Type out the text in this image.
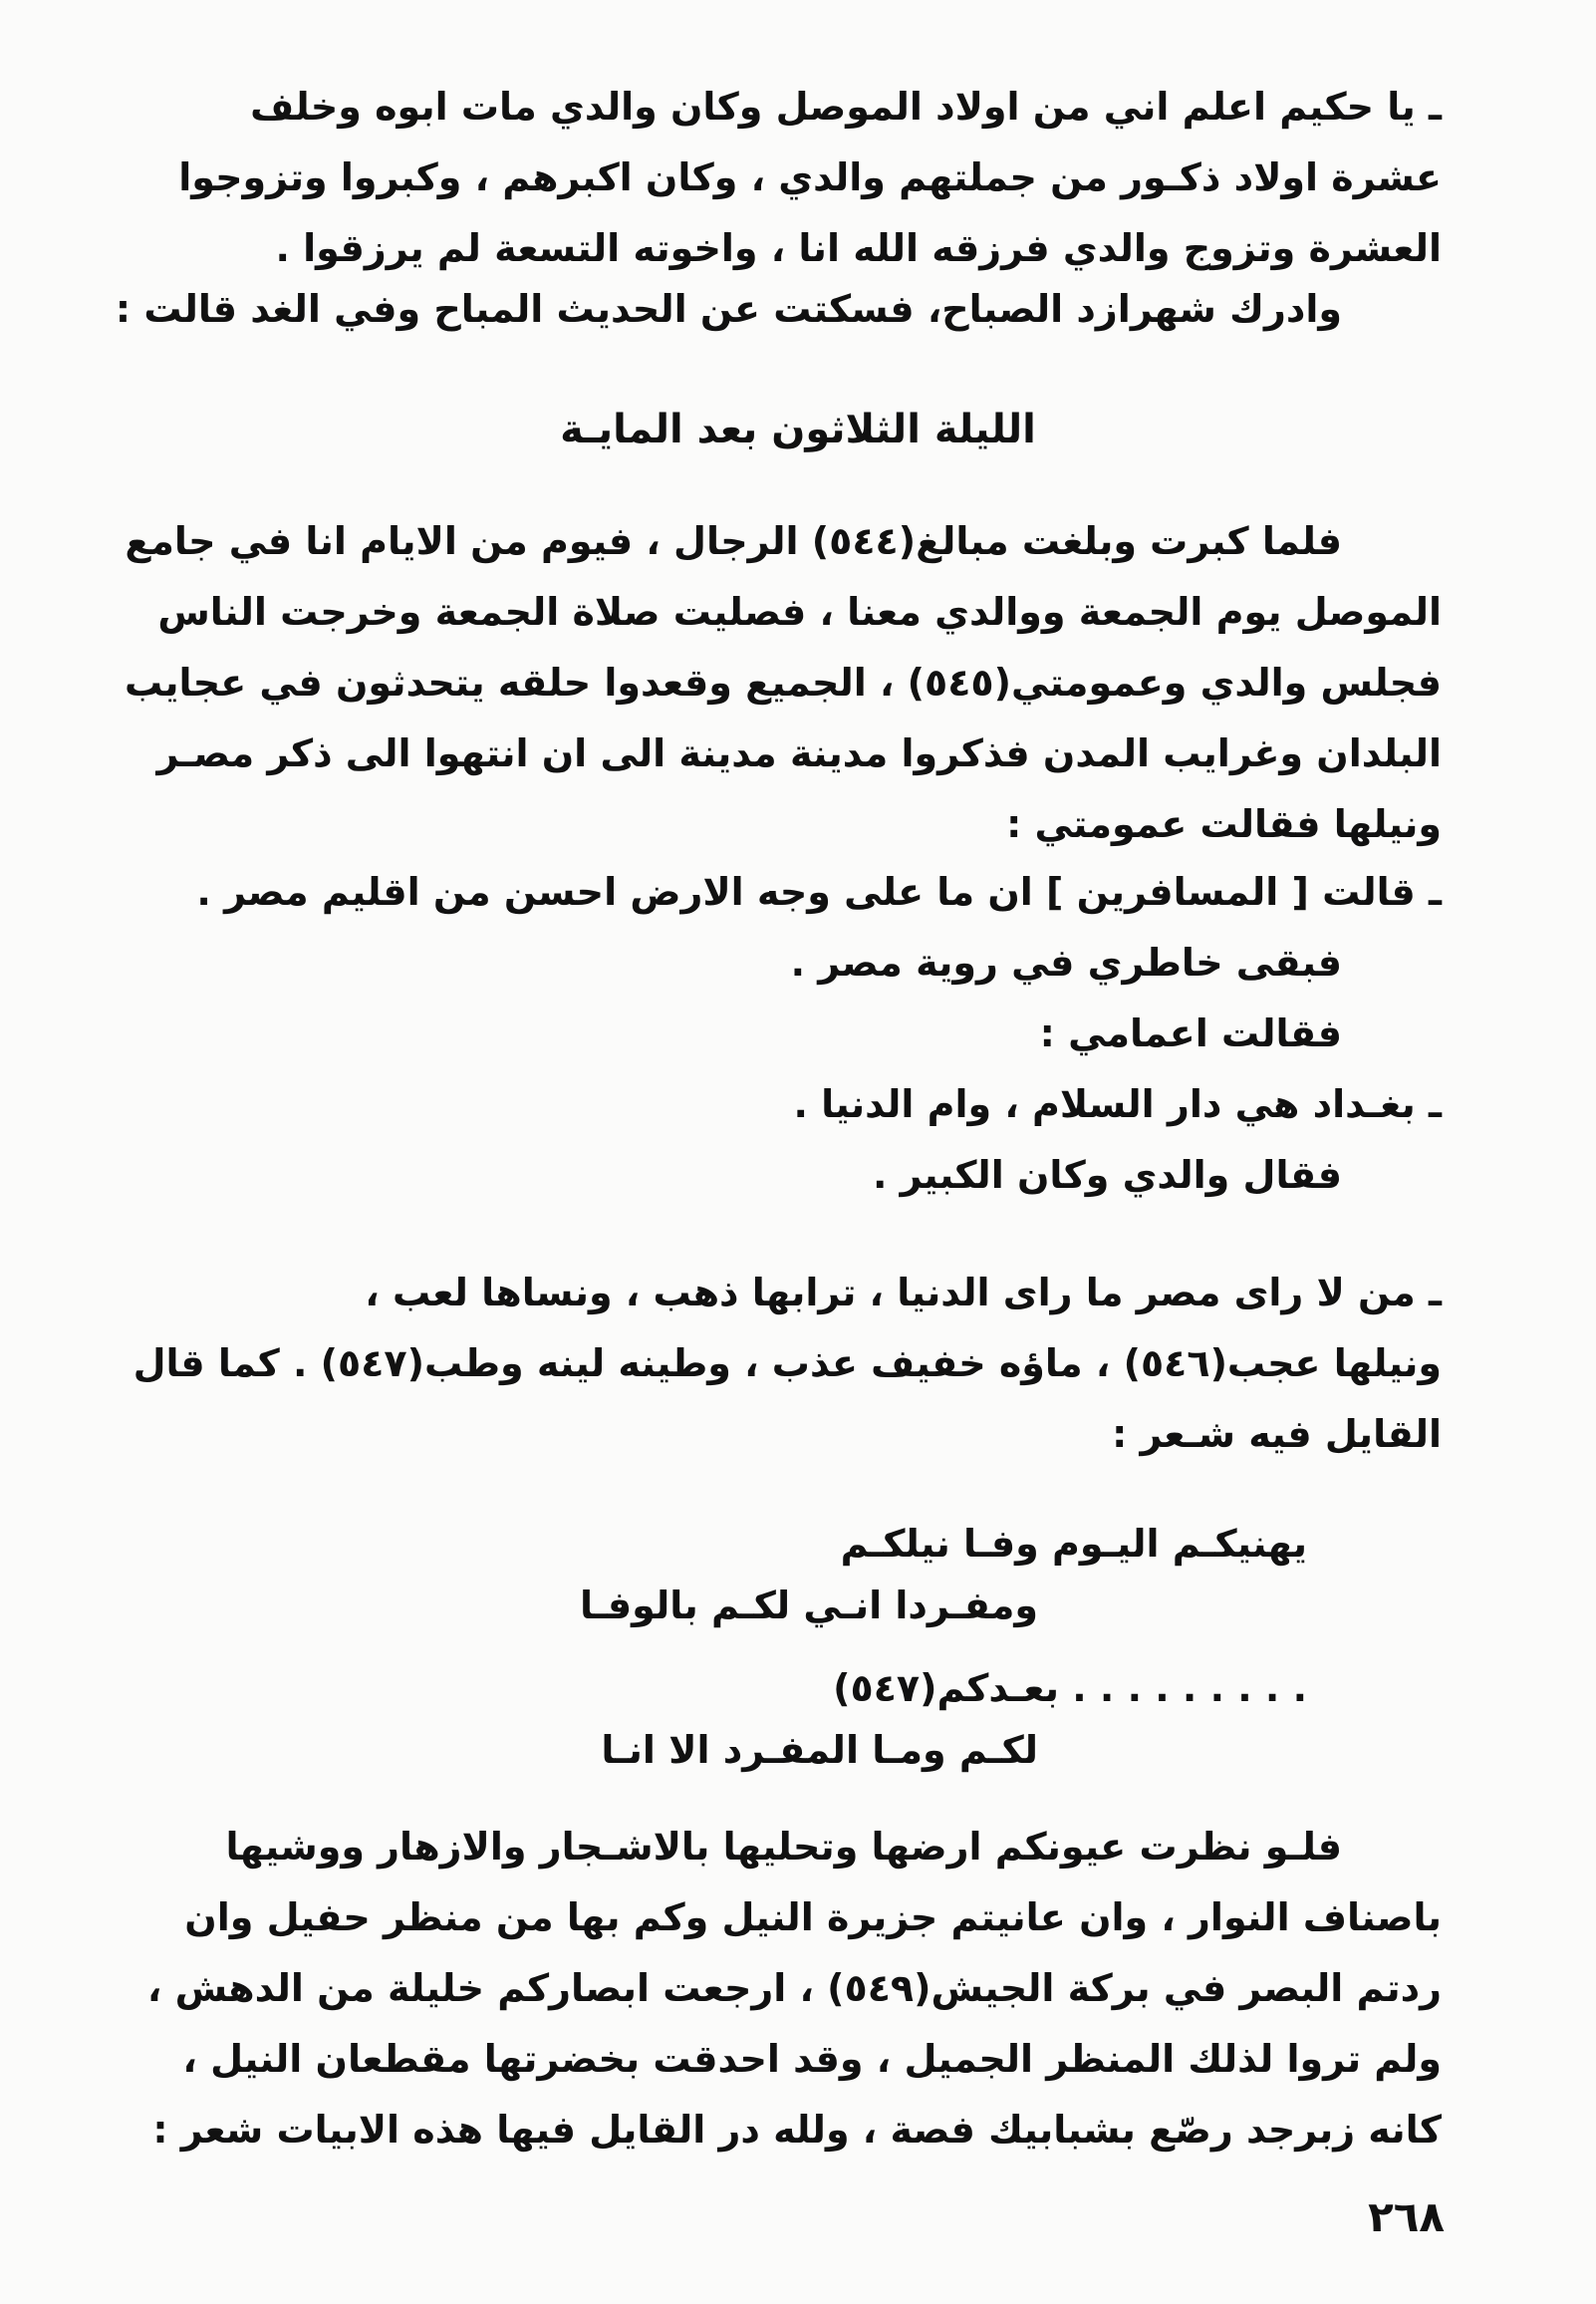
ـ يا حكيم اعلم اني من اولاد الموصل وكان والدي مات ابوه وخلف
عشرة اولاد ذكـور من جملتهم والدي ، وكان اكبرهم ، وكبروا وتزوجوا
العشرة وتزوج والدي فرزقه الله انا ، واخوته التسعة لم يرزقوا .
وادرك شهرازد الصباح، فسكتت عن الحديث المباح وفي الغد قالت :
الليلة الثلاثون بعد المايـة
فلما كبرت وبلغت مبالغ(٥٤٤) الرجال ، فيوم من الايام انا في جامع
الموصل يوم الجمعة ووالدي معنا ، فصليت صلاة الجمعة وخرجت الناس
فجلس والدي وعمومتي(٥٤٥) ، الجميع وقعدوا حلقه يتحدثون في عجايب
البلدان وغرايب المدن فذكروا مدينة مدينة الى ان انتهوا الى ذكر مصـر
ونيلها فقالت عمومتي :
ـ قالت [ المسافرين ] ان ما على وجه الارض احسن من اقليم مصر .
فبقى خاطري في روية مصر .
فقالت اعمامي :
ـ بغـداد هي دار السلام ، وام الدنيا .
فقال والدي وكان الكبير .
ـ من لا راى مصر ما راى الدنيا ، ترابها ذهب ، ونساها لعب ،
ونيلها عجب(٥٤٦) ، ماؤه خفيف عذب ، وطينه لينه وطب(٥٤٧) . كما قال
القايل فيه شـعر :
يهنيكـم اليـوم وفـا نيلكـم
ومفـردا انـي لكـم بالوفـا
. . . . . . . . . بعـدكم(٥٤٧)
لكـم ومـا المفـرد الا انـا
فلـو نظرت عيونكم ارضها وتحليها بالاشـجار والازهار ووشيها
باصناف النوار ، وان عانيتم جزيرة النيل وكم بها من منظر حفيل وان
ردتم البصر في بركة الجيش(٥٤٩) ، ارجعت ابصاركم خليلة من الدهش ،
ولم تروا لذلك المنظر الجميل ، وقد احدقت بخضرتها مقطعان النيل ،
كانه زبرجد رصّع بشبابيك فصة ، ولله در القايل فيها هذه الابيات شعر :
٢٦٨
